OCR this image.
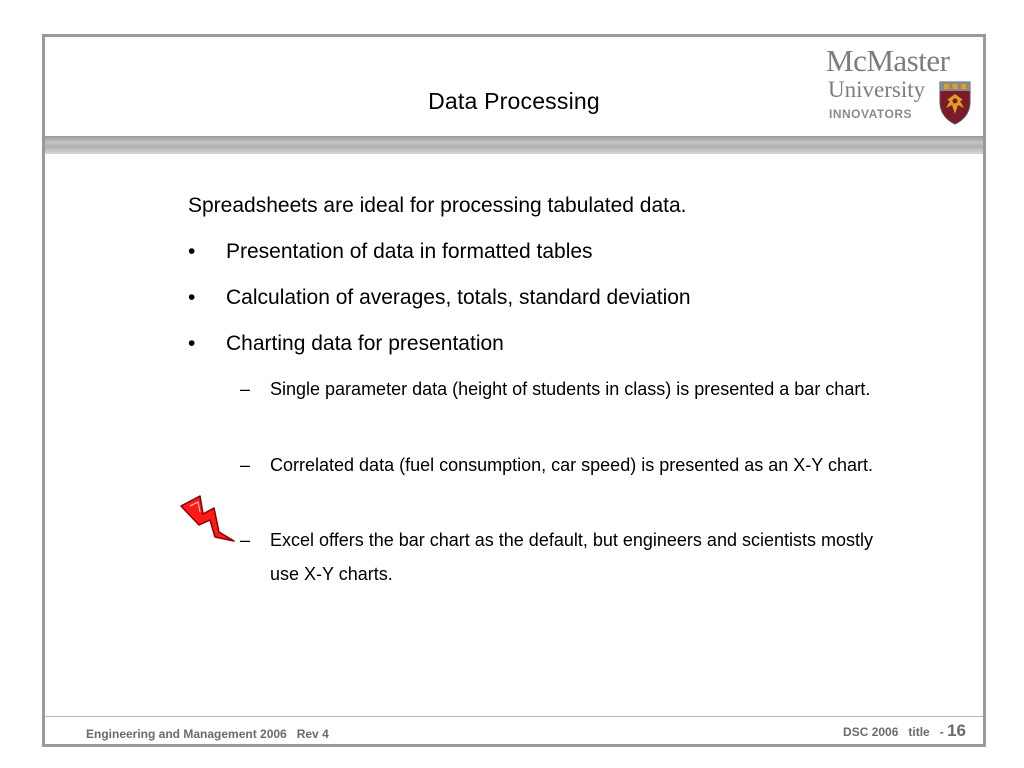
Data Processing
McMaster
University
INNOVATORS
Spreadsheets are ideal for processing tabulated data.
• Presentation of data in formatted tables
• Calculation of averages, totals, standard deviation
• Charting data for presentation
– Single parameter data (height of students in class) is presented a bar chart.
– Correlated data (fuel consumption, car speed) is presented as an X-Y chart.
– Excel offers the bar chart as the default, but engineers and scientists mostly use X-Y charts.
Engineering and Management 2006   Rev 4	DSC 2006   title   - 16
